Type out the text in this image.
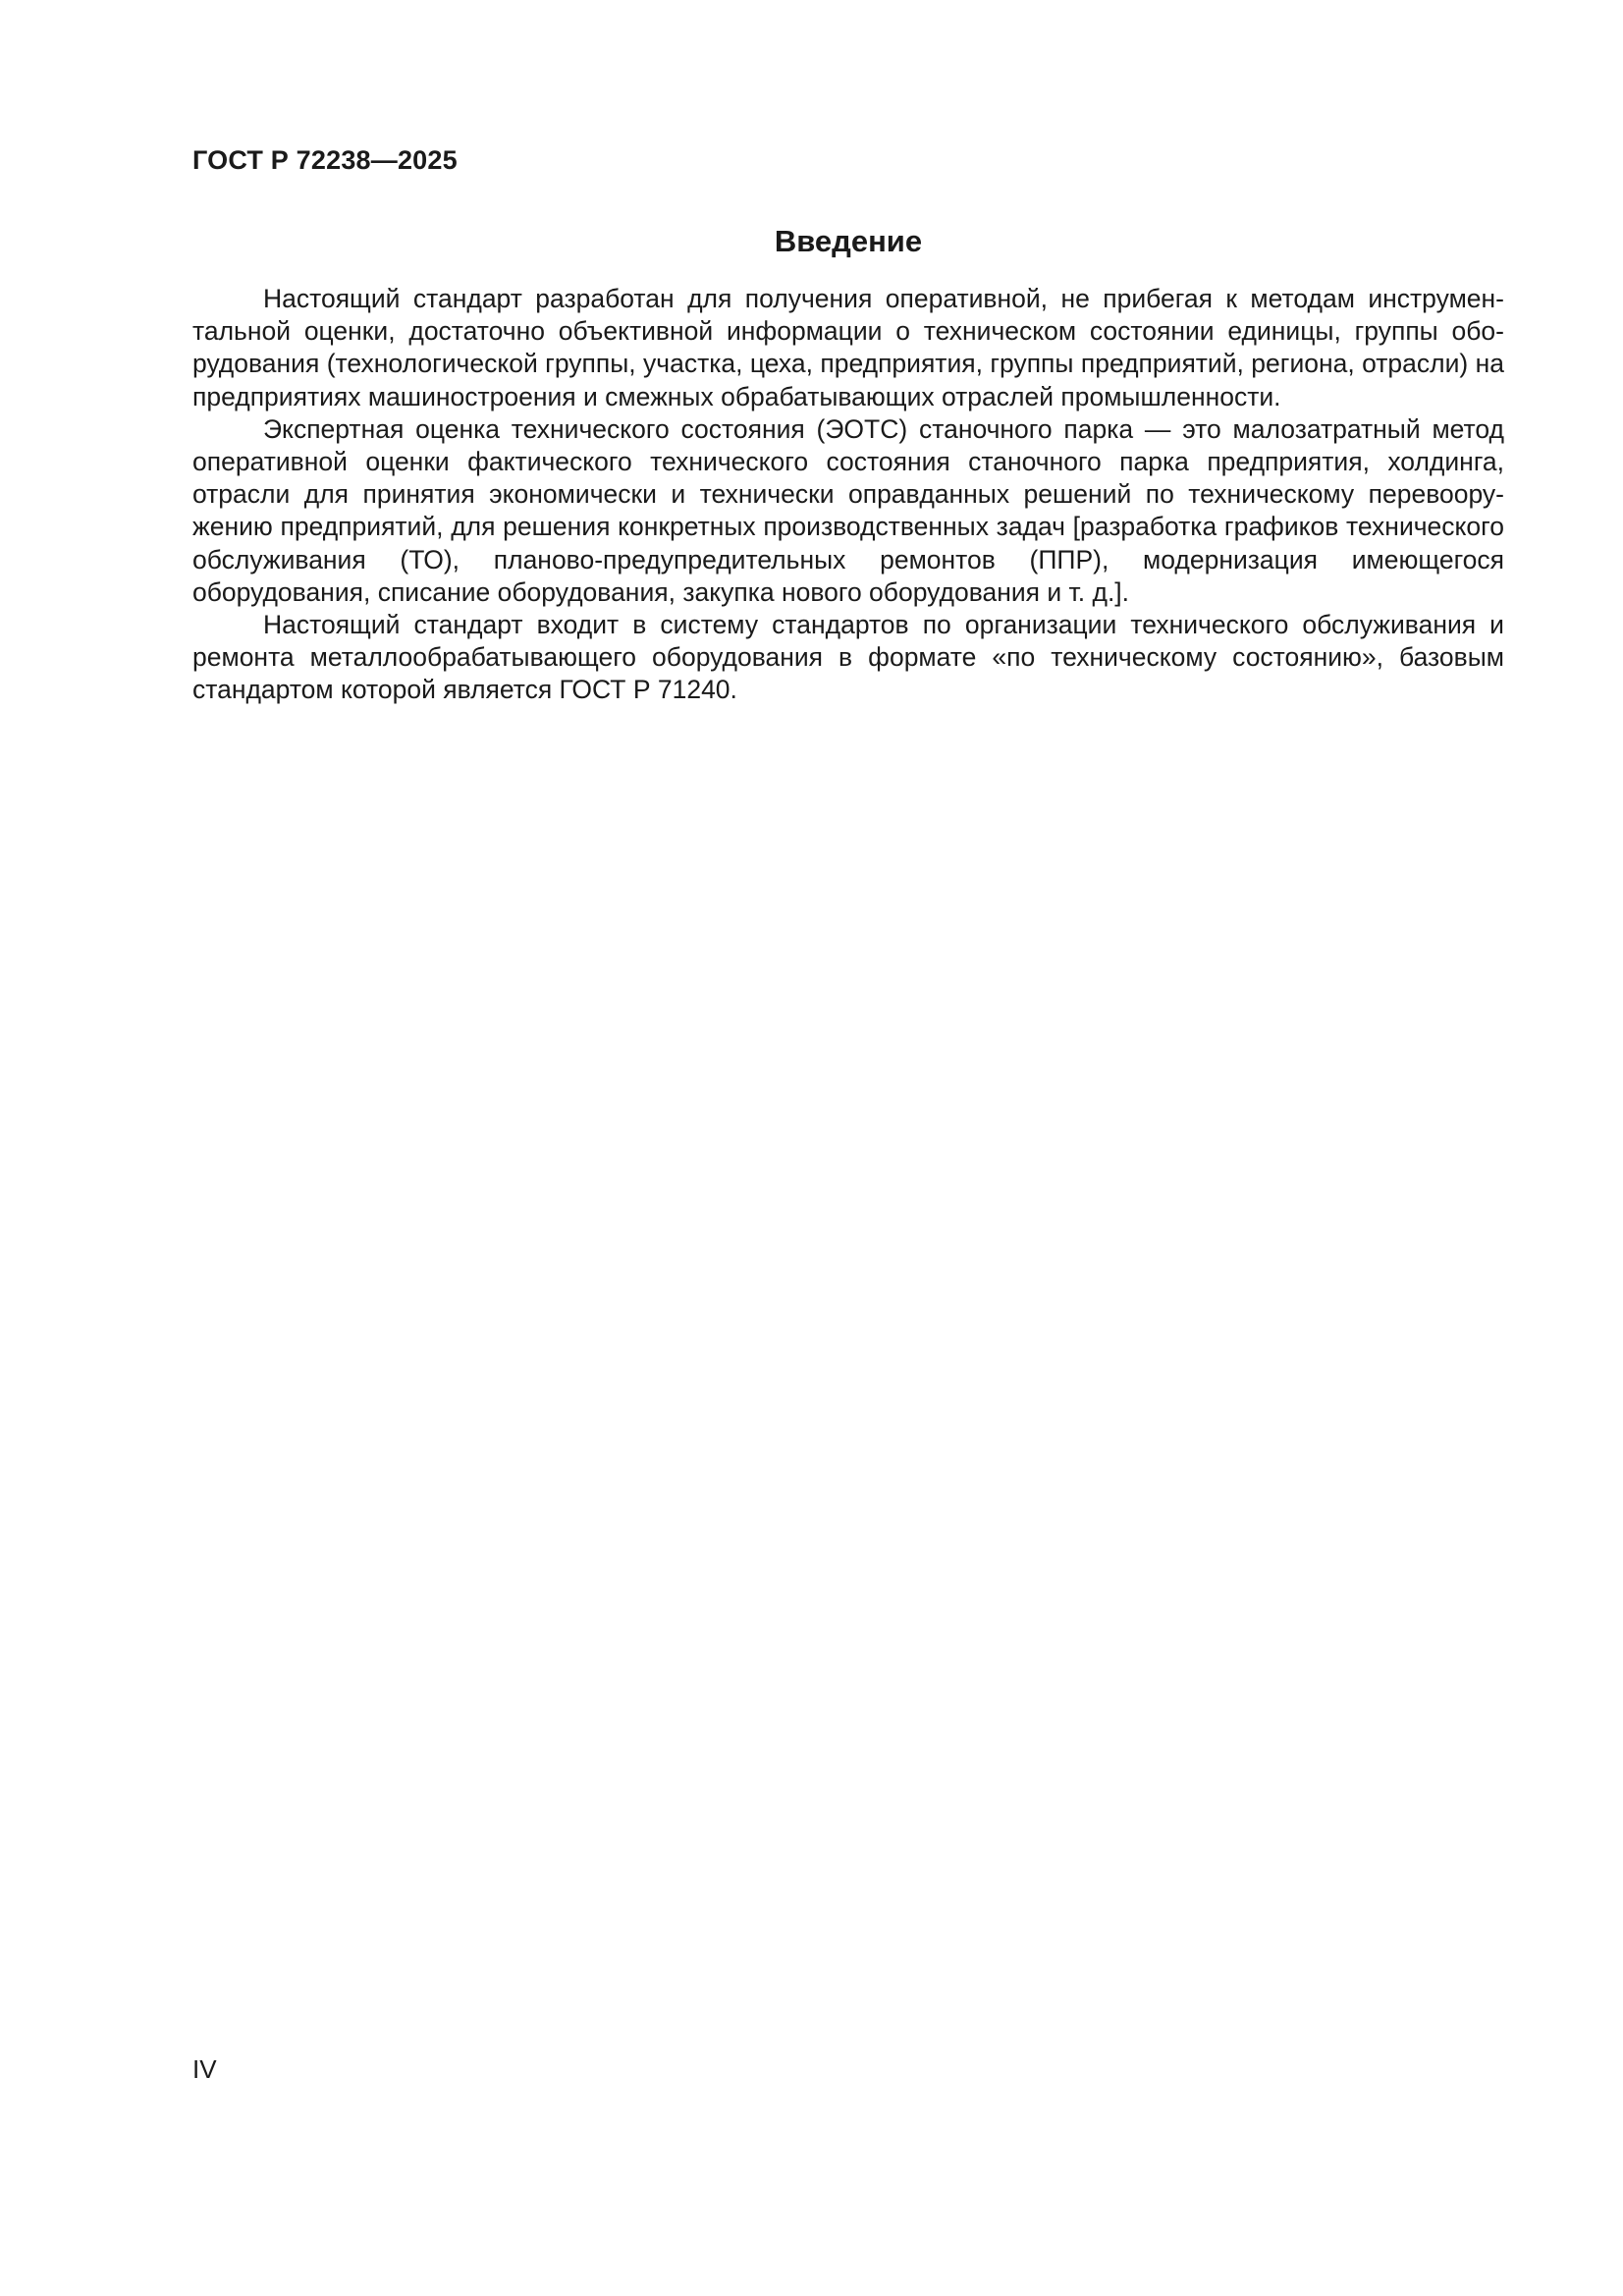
ГОСТ Р 72238—2025
Введение

Настоящий стандарт разработан для получения оперативной, не прибегая к методам инструментальной оценки, достаточно объективной информации о техническом состоянии единицы, группы оборудования (технологической группы, участка, цеха, предприятия, группы предприятий, региона, отрасли) на предприятиях машиностроения и смежных обрабатывающих отраслей промышленности.

Экспертная оценка технического состояния (ЭОТС) станочного парка — это малозатратный метод оперативной оценки фактического технического состояния станочного парка предприятия, холдинга, отрасли для принятия экономически и технически оправданных решений по техническому перевооружению предприятий, для решения конкретных производственных задач [разработка графиков технического обслуживания (ТО), планово-предупредительных ремонтов (ППР), модернизация имеющегося оборудования, списание оборудования, закупка нового оборудования и т. д.].

Настоящий стандарт входит в систему стандартов по организации технического обслуживания и ремонта металлообрабатывающего оборудования в формате «по техническому состоянию», базовым стандартом которой является ГОСТ Р 71240.

IV
